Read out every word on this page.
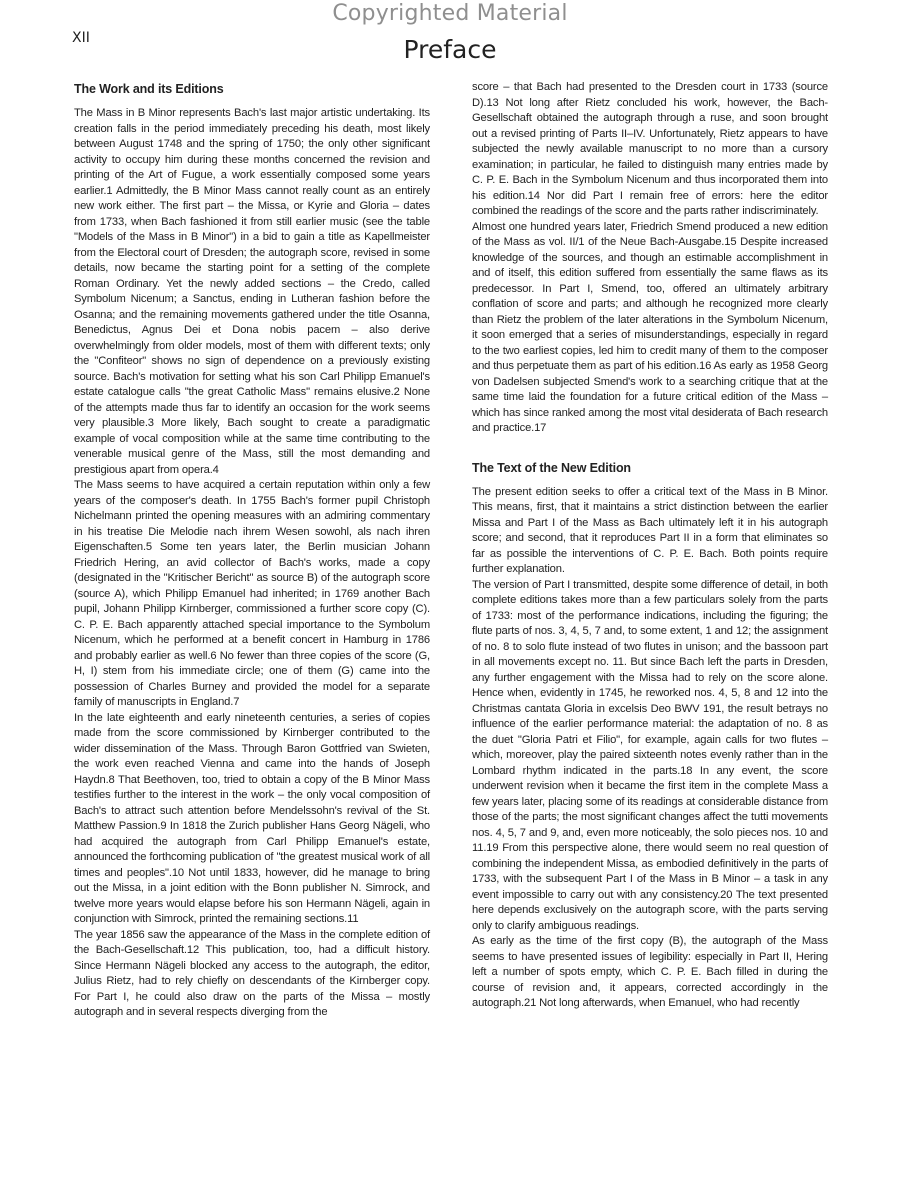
Copyrighted Material
XII	Preface
The Work and its Editions

The Mass in B Minor represents Bach's last major artistic undertaking. Its creation falls in the period immediately preceding his death, most likely between August 1748 and the spring of 1750; the only other significant activity to occupy him during these months concerned the revision and printing of the Art of Fugue, a work essentially composed some years earlier.1 Admittedly, the B Minor Mass cannot really count as an entirely new work either. The first part – the Missa, or Kyrie and Gloria – dates from 1733, when Bach fashioned it from still earlier music (see the table "Models of the Mass in B Minor") in a bid to gain a title as Kapellmeister from the Electoral court of Dresden; the autograph score, revised in some details, now became the starting point for a setting of the complete Roman Ordinary. Yet the newly added sections – the Credo, called Symbolum Nicenum; a Sanctus, ending in Lutheran fashion before the Osanna; and the remaining movements gathered under the title Osanna, Benedictus, Agnus Dei et Dona nobis pacem – also derive overwhelmingly from older models, most of them with different texts; only the "Confiteor" shows no sign of dependence on a previously existing source. Bach's motivation for setting what his son Carl Philipp Emanuel's estate catalogue calls "the great Catholic Mass" remains elusive.2 None of the attempts made thus far to identify an occasion for the work seems very plausible.3 More likely, Bach sought to create a paradigmatic example of vocal composition while at the same time contributing to the venerable musical genre of the Mass, still the most demanding and prestigious apart from opera.4

The Mass seems to have acquired a certain reputation within only a few years of the composer's death. In 1755 Bach's former pupil Christoph Nichelmann printed the opening measures with an admiring commentary in his treatise Die Melodie nach ihrem Wesen sowohl, als nach ihren Eigenschaften.5 Some ten years later, the Berlin musician Johann Friedrich Hering, an avid collector of Bach's works, made a copy (designated in the "Kritischer Bericht" as source B) of the autograph score (source A), which Philipp Emanuel had inherited; in 1769 another Bach pupil, Johann Philipp Kirnberger, commissioned a further score copy (C). C. P. E. Bach apparently attached special importance to the Symbolum Nicenum, which he performed at a benefit concert in Hamburg in 1786 and probably earlier as well.6 No fewer than three copies of the score (G, H, I) stem from his immediate circle; one of them (G) came into the possession of Charles Burney and provided the model for a separate family of manuscripts in England.7

In the late eighteenth and early nineteenth centuries, a series of copies made from the score commissioned by Kirnberger contributed to the wider dissemination of the Mass. Through Baron Gottfried van Swieten, the work even reached Vienna and came into the hands of Joseph Haydn.8 That Beethoven, too, tried to obtain a copy of the B Minor Mass testifies further to the interest in the work – the only vocal composition of Bach's to attract such attention before Mendelssohn's revival of the St. Matthew Passion.9 In 1818 the Zurich publisher Hans Georg Nägeli, who had acquired the autograph from Carl Philipp Emanuel's estate, announced the forthcoming publication of "the greatest musical work of all times and peoples".10 Not until 1833, however, did he manage to bring out the Missa, in a joint edition with the Bonn publisher N. Simrock, and twelve more years would elapse before his son Hermann Nägeli, again in conjunction with Simrock, printed the remaining sections.11

The year 1856 saw the appearance of the Mass in the complete edition of the Bach-Gesellschaft.12 This publication, too, had a difficult history. Since Hermann Nägeli blocked any access to the autograph, the editor, Julius Rietz, had to rely chiefly on descendants of the Kirnberger copy. For Part I, he could also draw on the parts of the Missa – mostly autograph and in several respects diverging from the

score – that Bach had presented to the Dresden court in 1733 (source D).13 Not long after Rietz concluded his work, however, the Bach-Gesellschaft obtained the autograph through a ruse, and soon brought out a revised printing of Parts II–IV. Unfortunately, Rietz appears to have subjected the newly available manuscript to no more than a cursory examination; in particular, he failed to distinguish many entries made by C. P. E. Bach in the Symbolum Nicenum and thus incorporated them into his edition.14 Nor did Part I remain free of errors: here the editor combined the readings of the score and the parts rather indiscriminately.

Almost one hundred years later, Friedrich Smend produced a new edition of the Mass as vol. II/1 of the Neue Bach-Ausgabe.15 Despite increased knowledge of the sources, and though an estimable accomplishment in and of itself, this edition suffered from essentially the same flaws as its predecessor. In Part I, Smend, too, offered an ultimately arbitrary conflation of score and parts; and although he recognized more clearly than Rietz the problem of the later alterations in the Symbolum Nicenum, it soon emerged that a series of misunderstandings, especially in regard to the two earliest copies, led him to credit many of them to the composer and thus perpetuate them as part of his edition.16 As early as 1958 Georg von Dadelsen subjected Smend's work to a searching critique that at the same time laid the foundation for a future critical edition of the Mass – which has since ranked among the most vital desiderata of Bach research and practice.17

The Text of the New Edition

The present edition seeks to offer a critical text of the Mass in B Minor. This means, first, that it maintains a strict distinction between the earlier Missa and Part I of the Mass as Bach ultimately left it in his autograph score; and second, that it reproduces Part II in a form that eliminates so far as possible the interventions of C. P. E. Bach. Both points require further explanation.

The version of Part I transmitted, despite some difference of detail, in both complete editions takes more than a few particulars solely from the parts of 1733: most of the performance indications, including the figuring; the flute parts of nos. 3, 4, 5, 7 and, to some extent, 1 and 12; the assignment of no. 8 to solo flute instead of two flutes in unison; and the bassoon part in all movements except no. 11. But since Bach left the parts in Dresden, any further engagement with the Missa had to rely on the score alone. Hence when, evidently in 1745, he reworked nos. 4, 5, 8 and 12 into the Christmas cantata Gloria in excelsis Deo BWV 191, the result betrays no influence of the earlier performance material: the adaptation of no. 8 as the duet "Gloria Patri et Filio", for example, again calls for two flutes – which, moreover, play the paired sixteenth notes evenly rather than in the Lombard rhythm indicated in the parts.18 In any event, the score underwent revision when it became the first item in the complete Mass a few years later, placing some of its readings at considerable distance from those of the parts; the most significant changes affect the tutti movements nos. 4, 5, 7 and 9, and, even more noticeably, the solo pieces nos. 10 and 11.19 From this perspective alone, there would seem no real question of combining the independent Missa, as embodied definitively in the parts of 1733, with the subsequent Part I of the Mass in B Minor – a task in any event impossible to carry out with any consistency.20 The text presented here depends exclusively on the autograph score, with the parts serving only to clarify ambiguous readings.

As early as the time of the first copy (B), the autograph of the Mass seems to have presented issues of legibility: especially in Part II, Hering left a number of spots empty, which C. P. E. Bach filled in during the course of revision and, it appears, corrected accordingly in the autograph.21 Not long afterwards, when Emanuel, who had recently
